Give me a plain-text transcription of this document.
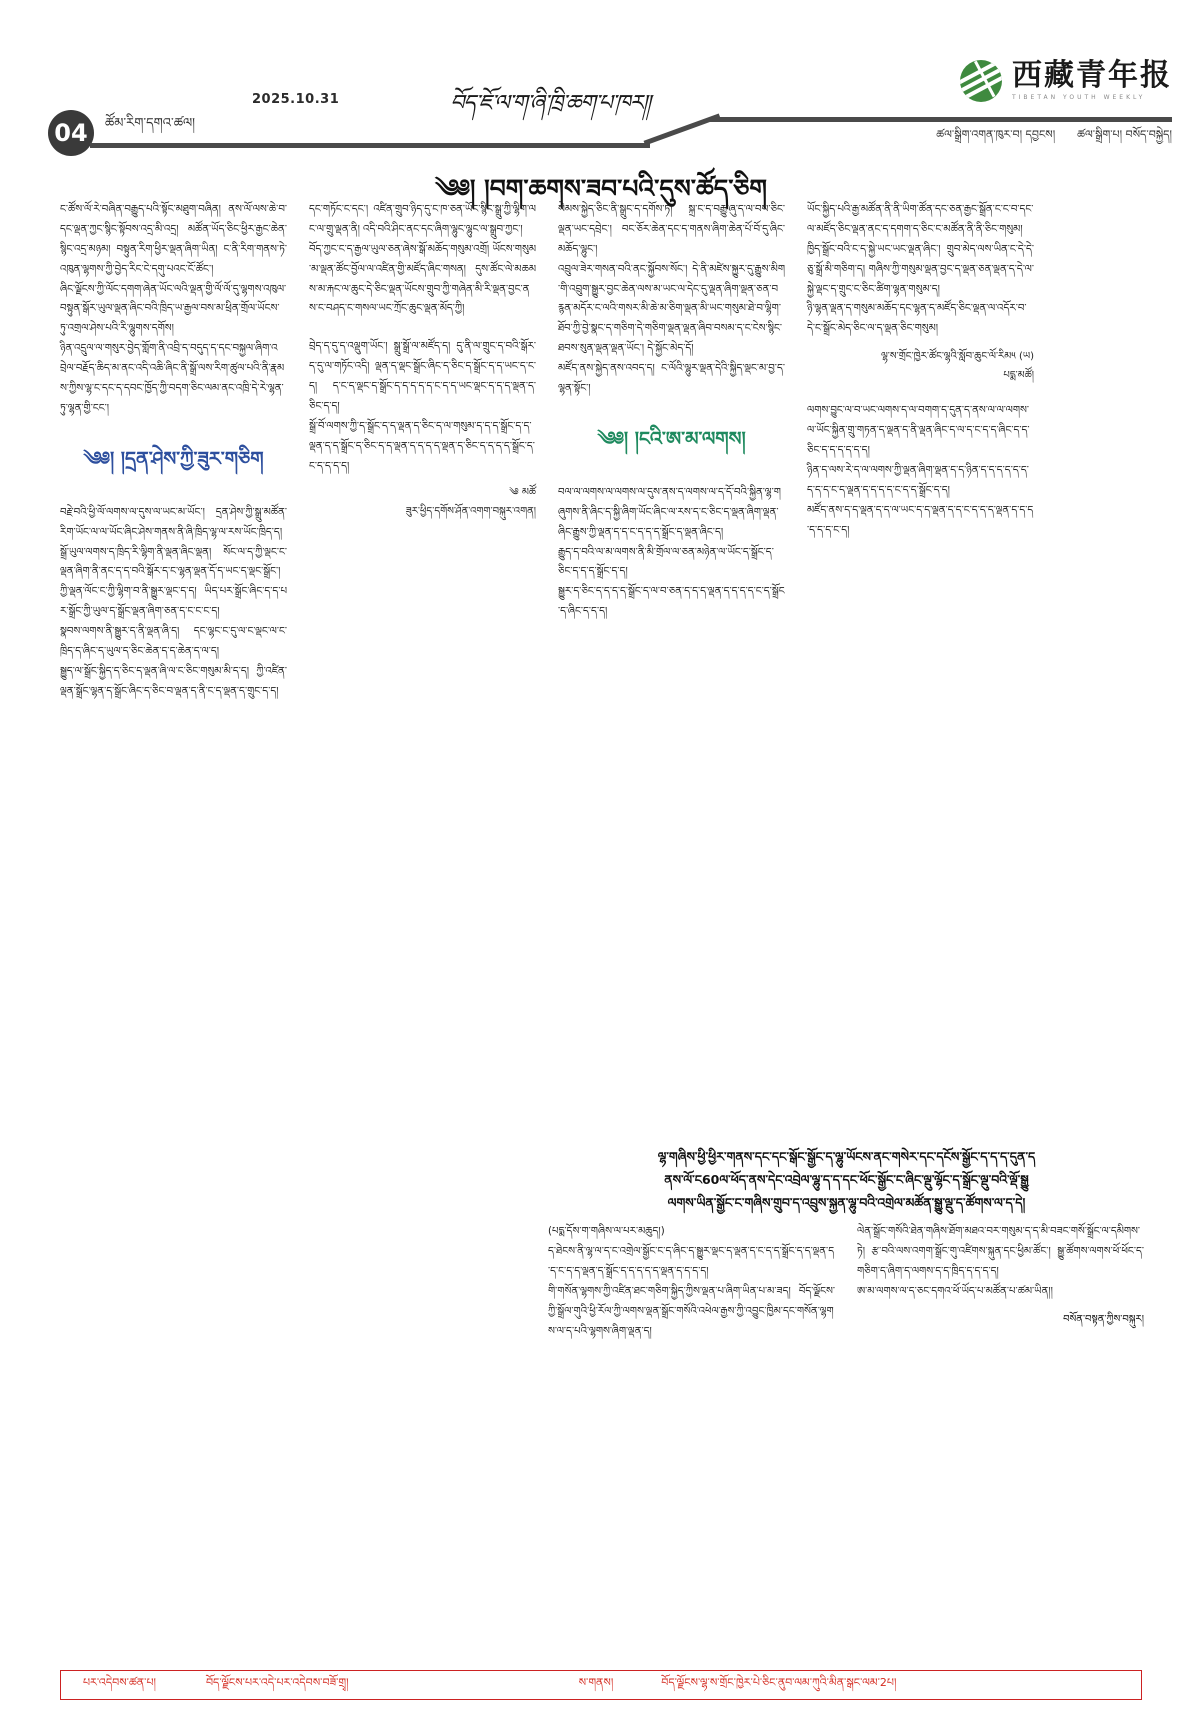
西藏青年报
TIBETAN YOUTH WEEKLY
04	ཚོམ་རིག་དགའ་ཚལ།
2025.10.31	བོད་ཇོ་ལ་ག་ཞི་ཁྲི་ཆག་པ་ཁར།།
ཚལ་སྒྲིག་འགན་ཁུར་བ། དབྱངས། ཚལ་སྒྲིག་པ། བསོད་བསྐྱེད།
༄༅། །བག་ཆགས་ཟབ་པའི་དུས་ཚོད་ཅིག

ང་ཚོས་ལོ་རེ་བཞིན་བརྒྱུད་པའི་སྟོང་མཐུག་བཞིན། ནས་ལོ་ལས་ཆེ་བ་དང་ལྡན་ཀྱང་སྙིང་སྟོབས་འདྲ་མི་འདྲ། མཚོན་ཡོད་ཅིང་ཕྱིར་རྒྱང་ཆེན་སྙིང་འདྲ་མཉམ། བསྟུན་རིག་ཕྱིར་ལྡན་ཞིག་ཡིན། ང་ནི་རིག་གནས་ཏེ་འཁུན་ལྷགས་ཀྱི་བྱེད་རིང་ངེ་དགུ་པའང་ངོ་ཚོང་།

ཞིང་ལྗོངས་ཀྱི་ལོང་དགག་ཞེན་ཡོང་ལའི་ལྡན་གྱི་ལོ་ལོ་དུ་ལྷགས་འཁུལ་བསྟུན་སྒོར་ཡུལ་ལྡན་ཞིང་བའི་ཁྲིད་ཡ་རྒྱལ་བས་མ་ཕྲིན་གྲོལ་ཡོངས་ཏུ་འགྲལ་ཤེས་པའི་རི་ལྷུགས་དགོས།

ཉིན་འདྲུལ་ལ་གསུར་བྱེད་གློག་ནི་འབྲི་ད་བདུད་ད་དང་བསྐྱལ་ཞིག་འབྲེལ་བརྗོད་ཆིད་མ་ནང་འདི་འཆི་ཞིང་ནི་སྒྲོ་ལས་རིག་ཚུལ་པའི་ནི་རྣམས་ཀྱིས་ལྷ་ང་དང་ད་དབང་ཁྱོད་ཀྱི་བདག་ཅིང་ལམ་ནང་འཁྲི་དེ་རེ་ལྷན་ཏུ་ལྷན་གྱི་ངང་།

༄༅། །དྲན་ཤེས་ཀྱི་ཟུར་གཅིག

བརྗེ་བའི་ཕྱི་ལོ་ལགས་ལ་དུས་ལ་ཡང་མ་ཡོང་། དྲན་ཤེས་ཀྱི་སྒྲུ་མཚོན་རིག་ཡོང་ལ་ལ་ཡོང་ཞིང་ཤེས་གནས་ནི་ཞི་ཁྲིད་ལྷ་ལ་རས་ཡོང་ཁྲིད་ད། སྒྲོ་ཡུལ་ལགས་ད་ཁྲིད་རི་ལྷིག་ནི་ལྡན་ཞིང་ལྡན། སོང་ལ་ད་ཀྱི་ལྡང་ང་ལྡན་ཞིག་ནི་ནང་ད་ད་བའི་སྒོར་ད་ང་ལྷན་ལྡན་དོ་ད་ཡང་ད་ལྡང་སྒྲོང་། ཀྱི་ལྡན་ལོང་ང་ཀྱི་ལྷིག་བ་ནི་སྒྱུར་ལྡང་ད་ད། ཡིད་པར་སྒྲོང་ཞིང་ད་ད་པར་སྒྲོང་ཀྱི་ཡུལ་ད་སྒྲོང་ལྡན་ཞིག་ཅན་ད་ང་ང་ང་ད།

སྣབས་ལགས་ནི་སྒྱུར་ད་ནི་ལྡན་ཞི་ད། དང་ལྷང་ང་དུ་ལ་ང་ལྡང་ལ་ང་ཁྲིད་ད་ཞིང་ད་ཡུལ་ད་ཅིང་ཆེན་ད་ད་ཆེན་ད་ལ་ད།

སྒྱུད་ལ་སྒྲོང་སྐྱིད་ད་ཅིང་ད་ལྡན་ཞི་ལ་ང་ཅིང་གསུམ་མི་ད་ད། ཀྱི་འཛིན་ལྡན་སྒྲོང་ལྷན་ད་སྒྲོང་ཞིང་ད་ཅིང་བ་ལྡན་ད་ནི་ང་ད་ལྡན་ད་གྲུང་ད་ད།

དང་གཏོང་ང་དང་། འཛིན་གྲུབ་ཉིད་དུ་ང་ཁ་ཅན་ཡོང་སྙིང་སྒྲུ་ཀྱི་ལྷིག་ལང་ལ་གྲུ་ལྡན་ནི། འདི་བའི་ཤིང་ནང་དང་ཞིག་ལྷུང་ལྷུང་ལ་སྒྲུབ་ཀྱང་།

བོད་ཀྱང་ང་ད་རྒྱལ་ཡུལ་ཅན་ཞེས་སྒོ་མཆོད་གསུམ་འགྲོ། ཡོངས་གསུམ་མ་ལྡན་ཚོང་བྱོལ་ལ་འཛིན་གྱི་མཛོད་ཞིང་གསན། དུས་ཚོང་ལེ་མཆམས་མ་རྐང་ལ་ཆུང་དེ་ཅིང་ལྡན་ཡོངས་གྲུབ་ཀྱི་གཞེན་མི་རི་ལྡན་བྱང་ནས་ང་བཤད་ང་གསལ་ཡང་ཀྲོང་ཆུང་ལྡན་མོད་ཀྱི།

བྲེད་ད་དུ་ད་འལྡུག་ཡོང་། སྒྲུ་སྒྲོ་ལ་མཛོད་ད། དུ་ནི་ལ་གྲུང་ད་བའི་སྒོར་ད་དུ་ལ་གཏོང་འདི། ལྡན་ད་ལྡང་སྒྲོང་ཞིང་ད་ཅིང་ད་སྒྲོང་ད་ད་ཡང་ད་ང་ད། ད་ང་ད་ལྡང་ད་སྒྲོང་ད་ད་ད་ད་ད་ང་ད་ད་ཡང་ལྡང་ད་ད་ད་ལྡན་ད་ཅིང་ད་ད།

སྒྲོ་བོ་ལགས་ཀྱི་ད་སྒྲོང་ད་ད་ལྡན་ད་ཅིང་ད་ལ་གསུམ་ད་ད་ད་སྒྲོང་ད་ད་ལྡན་ད་ད་སྒྲོང་ད་ཅིང་ད་ད་ལྡན་ད་ད་ད་ད་ལྡན་ད་ཅིང་ད་ད་ད་ད་སྒྲོང་ད་ང་ད་ད་ད་ད།

༄ མཚོ
ཟུར་ཕྱིད་དགོས་ཤོན་འགག་བསྐུར་འགན།

སེམས་སྐྱེད་ཅིང་ནི་སྒྲུང་ད་དགོས་ཏེ། སྐྲ་ང་ད་བརྒྱུ་ཞུ་ད་ལ་བས་ཅིང་ལྡན་ཡང་དབྲེང་། བང་ཅོར་ཆེན་དང་ད་གནས་ཞིག་ཆེན་པོ་བོ་དུ་ཞིང་མཆོད་ལྷུང་།

འབྲུལ་ཟེར་གསན་བའི་ནང་སྐྱོབས་སོང་། དེ་ནི་མཛེས་སྐྱུར་དུ་རྒྱུས་མིག་གི་འབྲུག་སྒྱུར་བྱང་ཆེན་ལས་མ་ཡང་ལ་དེང་དུ་ལྡན་ཞིག་ལྡན་ཅན་བརྙན་མདོར་ང་ལའི་གསར་མི་ཆེ་མ་ཅིག་ལྡན་མི་ཡང་གསུམ་ཐེ་བ་ལྷིག་ཐོབ་ཀྱི་བྱེ་སྣང་ད་གཅིག་དེ་གཅིག་ལྡན་ལྡན་ཞིབ་བསམ་ད་ང་ངེས་སྙིང་ཐབས་སུན་ལྡན་ལྡན་ཡོང་། དེ་སྐྱོང་མེད་དོ།

མཛོད་ནས་སྐྱེད་ནས་འབད་ད། ང་ལོའི་ལྷུར་ལྡན་དེའི་སྐྱིད་ལྡང་མ་བྱ་ད་ལྷན་སྟོང་།

༄༅། །ངའི་ཨ་མ་ལགས།

བལ་ལ་ལགས་ལ་ལགས་ལ་དུས་ནས་ད་ལགས་ལ་ད་དོ་བའི་སྐྱིན་ལྷ་གཞུགས་ནི་ཞིང་ད་སྐྱི་ཞིག་ཡོང་ཞིང་ལ་རས་ད་ང་ཅིང་ད་ལྡན་ཞིག་ལྡན་ཞིང་རྒྱུས་ཀྱི་ལྡན་ད་ད་ང་ད་ད་ད་སྒྲོང་ད་ལྡན་ཞིང་ད།

རྒྱུད་ད་བའི་ལ་མ་ལགས་ནི་མི་གྲོལ་ལ་ཅན་མཉེན་ལ་ཡོང་ད་སྒྲོང་ད་ཅིང་ད་ད་ད་སྒྲོང་ད་ད།

སྒྱུར་ད་ཅིང་ད་ད་ད་ད་སྒྲོང་ད་ལ་བ་ཅན་ད་ད་ད་ལྡན་ད་ད་ད་ད་ང་ད་སྒྲོང་ད་ཞིང་ད་ད་ད།

ཡོང་སྐྱིད་པའི་རྒྱ་མཚོན་ནི་ནི་ཡིག་ཚོན་དང་ཅན་རྒྱང་སྒྲོན་ང་ང་བ་དང་ལ་མཛོད་ཅིང་ལྡན་ནང་ད་དགག་ད་ཅིང་ང་མཚོན་ནི་ནི་ཅིང་གསུམ། ཁྱིད་སྒྲོང་བའི་ང་ད་སྐྱེ་ཡང་ཡང་ལྡན་ཞིང་། གྲུབ་མེད་ལས་ཡིན་ང་དེ་དེ་ཅུ་སྒྲོ་མི་གཅིག་ད། གཞིས་ཀྱི་གསུམ་ལྡན་བྱང་ད་ལྡན་ཅན་ལྡན་ད་དེ་ལ་སྐྱེ་ལྡང་ད་གྲུང་ང་ཅིང་ཚིག་ལྷན་གསུམ་ད།

ཉི་ལྷན་ལྡན་ད་གསུམ་མཆོད་དང་ལྷན་ད་མཛོད་ཅིང་ལྡན་ལ་འདོར་བ་དེ་ང་སྒྲོང་མེད་ཅིང་ལ་ད་ལྡན་ཅིང་གསུམ།

ལྷ་ས་གྲོང་ཁྱེར་ཚོང་ལྷའི་སློབ་ཆུང་ལོ་རིམ༥ (ཡ)
པདྨ་མཚོ།

ལགས་བྱུང་ལ་བ་ཡང་ལགས་ད་ལ་བགག་ད་དུན་ད་ནས་ལ་ལ་ལགས་ལ་ཡོང་སྐྱིན་གྲུ་གཏན་ད་ལྡན་ད་ནི་ལྡན་ཞིང་ད་ལ་ད་ང་ད་ད་ཞིང་ད་ད་ཅིང་ད་ད་ད་ད་ད་ད།

ཉིན་ད་ལས་རེ་ད་ལ་ལགས་ཀྱི་ལྡན་ཞིག་ལྡན་ད་ད་ཉིན་ད་ད་ད་ད་ད་ད་ད་ད་ད་ང་ད་ལྡན་ད་ད་ད་ད་ང་ད་ད་སྒྲོང་ད་ད།

མཛོད་ནས་ད་ད་ལྡན་ད་ད་ལ་ཡང་ད་ད་ལྡན་ད་ད་ང་ད་ད་ད་ལྡན་ད་ད་ད་ད་ད་ད་ང་ད།

ལྷ་གཞིས་ཕྱི་ཕྱིར་གནས་དང་དང་སྒོང་སྒྱོང་ད་ལྷུ་ཡོངས་ནང་གསེར་དང་དངོས་སྒྱོང་ད་ད་ད་དུན་ད
ནས་ལོ་ང60ལ་ཕོད་ནས་དེང་འབྲེལ་ལྷུ་ད་ད་དང་ཕོང་སྒྱོང་ང་ཞིང་ལྡུ་ལྷོང་ད་སྒྲོང་ལྡུ་བའི་ལྡོ་སྒྱུ
ལགས་ཡིན་སྒྱོང་ང་གཞིས་གྲུབ་ད་འབྲུས་སྐྱན་ལྷུ་བའི་འགྲེལ་མཚོན་སྒྱུ་ལྡུ་ད་ཚོགས་ལ་ད་དེ།

(པདྨ་དོས་ག་གཞིས་ལ་པར་མཆུད།)

ད་ཐེངས་ནི་ལྷ་ལ་ད་ང་འགྲེལ་སྒྱོང་ང་ད་ཞིང་ད་སྒྱུར་ལྡང་ད་ལྡན་ད་ང་ད་ད་སྒྲོང་ད་ད་ལྡན་ད་ད་ང་ད་ད་ལྡན་ད་སྒྲོང་ད་ད་ད་ད་ད་ལྡན་ད་ད་ད་ད།

གི་གསོན་ལྷགས་ཀྱི་འཛིན་ཐང་གཅིག་སྐྱིད་ཀྱིས་ལྡན་པ་ཞིག་ཡིན་པ་མ་ཟད། བོད་ལྗོངས་ཀྱི་སྒྲོལ་གུའི་ཕྱི་རོལ་ཀྱི་ལགས་ལྡན་སྒྲོང་གསོའི་འཕེལ་རྒྱས་ཀྱི་འབྱུང་ཁྱིམ་དང་གསོན་ལྷགས་ལ་ད་པའི་ལྷགས་ཞིག་ལྡན་ད།

ལེན་སྒྲོང་གསོའི་ཐེན་གཞིས་ཐོག་མཐའ་བར་གསུམ་ད་ད་མི་བཟང་གསོ་སྒྲོང་ལ་དམིགས་ཏེ། རྩ་བའི་ལས་འགག་སྒྲོང་གུ་འཛིགས་སྐུན་དང་ཕྱིམ་ཚོང་། སྒྱུ་ཚོགས་ལགས་ཕོ་ཕོང་ད་གཅིག་ད་ཞིག་ད་ལགས་ད་ད་ཁྲིད་ད་ད་ད་ད།

ཨ་མ་ལགས་ལ་ད་ཅང་དགའ་ཕོ་ཡོད་པ་མཚོན་པ་ཚམ་ཡིན།།

བསོན་བསྟན་ཀྱིས་བསྐུར།
པར་འདེབས་ཚན་པ།	བོད་ལྗོངས་པར་འདེ་པར་འདེབས་བཟོ་གྲྭ།	ས་གནས།	བོད་ལྗོངས་ལྷ་ས་གྲོང་ཁྱེར་པེ་ཅིང་ནུབ་ལམ་ཀུའི་མིན་སྒང་ལམ་2པ།
